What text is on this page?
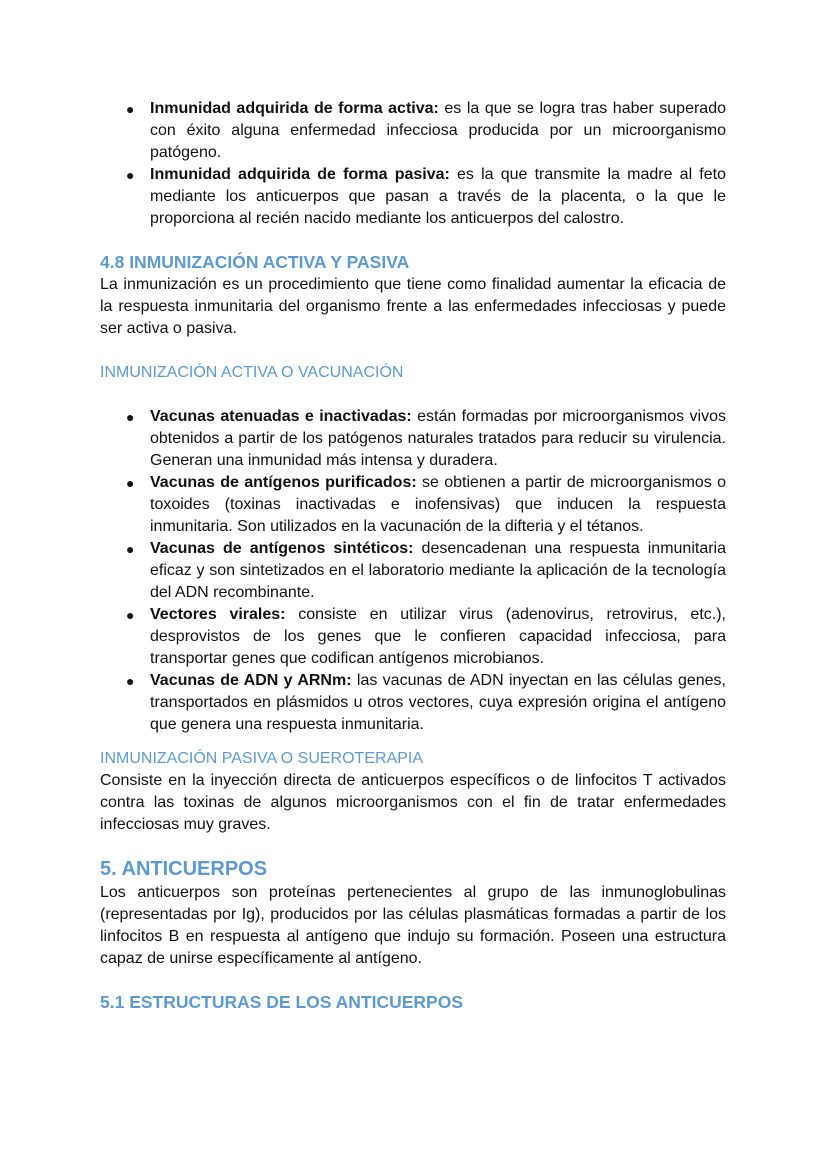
● Inmunidad adquirida de forma activa: es la que se logra tras haber superado con éxito alguna enfermedad infecciosa producida por un microorganismo patógeno.
● Inmunidad adquirida de forma pasiva: es la que transmite la madre al feto mediante los anticuerpos que pasan a través de la placenta, o la que le proporciona al recién nacido mediante los anticuerpos del calostro.
4.8 INMUNIZACIÓN ACTIVA Y PASIVA

La inmunización es un procedimiento que tiene como finalidad aumentar la eficacia de la respuesta inmunitaria del organismo frente a las enfermedades infecciosas y puede ser activa o pasiva.

INMUNIZACIÓN ACTIVA O VACUNACIÓN

● Vacunas atenuadas e inactivadas: están formadas por microorganismos vivos obtenidos a partir de los patógenos naturales tratados para reducir su virulencia. Generan una inmunidad más intensa y duradera.
● Vacunas de antígenos purificados: se obtienen a partir de microorganismos o toxoides (toxinas inactivadas e inofensivas) que inducen la respuesta inmunitaria. Son utilizados en la vacunación de la difteria y el tétanos.
● Vacunas de antígenos sintéticos: desencadenan una respuesta inmunitaria eficaz y son sintetizados en el laboratorio mediante la aplicación de la tecnología del ADN recombinante.
● Vectores virales: consiste en utilizar virus (adenovirus, retrovirus, etc.), desprovistos de los genes que le confieren capacidad infecciosa, para transportar genes que codifican antígenos microbianos.
● Vacunas de ADN y ARNm: las vacunas de ADN inyectan en las células genes, transportados en plásmidos u otros vectores, cuya expresión origina el antígeno que genera una respuesta inmunitaria.

INMUNIZACIÓN PASIVA O SUEROTERAPIA

Consiste en la inyección directa de anticuerpos específicos o de linfocitos T activados contra las toxinas de algunos microorganismos con el fin de tratar enfermedades infecciosas muy graves.

5. ANTICUERPOS

Los anticuerpos son proteínas pertenecientes al grupo de las inmunoglobulinas (representadas por Ig), producidos por las células plasmáticas formadas a partir de los linfocitos B en respuesta al antígeno que indujo su formación. Poseen una estructura capaz de unirse específicamente al antígeno.

5.1 ESTRUCTURAS DE LOS ANTICUERPOS
